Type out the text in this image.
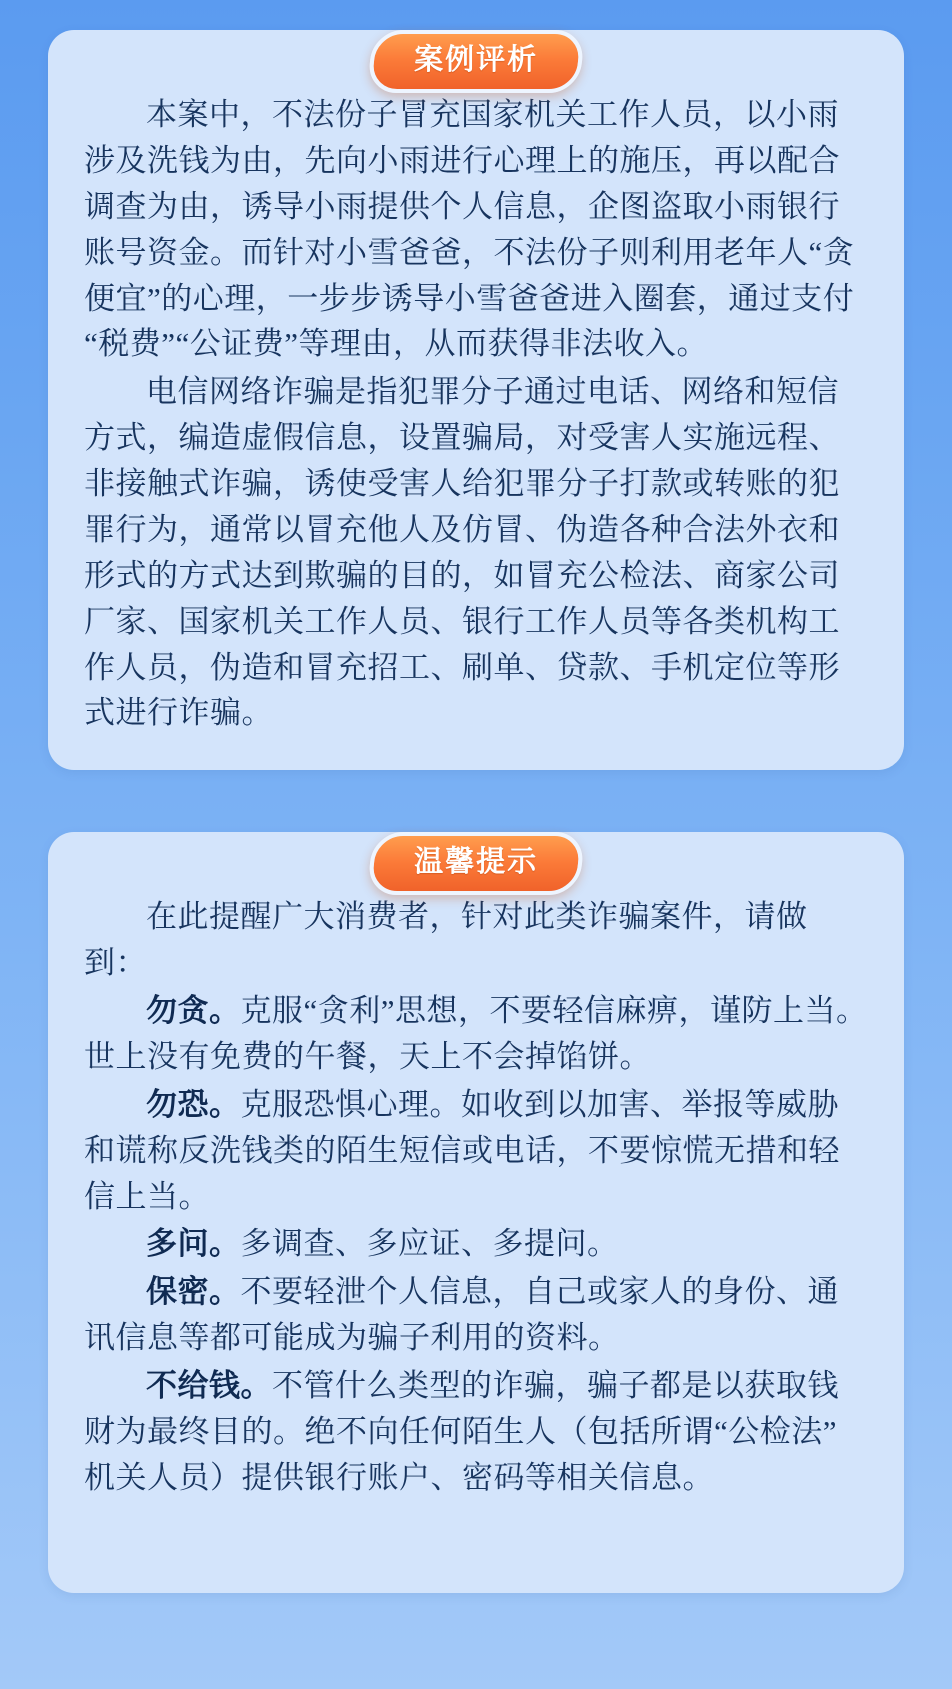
案例评析

本案中，不法份子冒充国家机关工作人员，以小雨涉及洗钱为由，先向小雨进行心理上的施压，再以配合调查为由，诱导小雨提供个人信息，企图盗取小雨银行账号资金。而针对小雪爸爸，不法份子则利用老年人“贪便宜”的心理，一步步诱导小雪爸爸进入圈套，通过支付“税费”“公证费”等理由，从而获得非法收入。

电信网络诈骗是指犯罪分子通过电话、网络和短信方式，编造虚假信息，设置骗局，对受害人实施远程、非接触式诈骗，诱使受害人给犯罪分子打款或转账的犯罪行为，通常以冒充他人及仿冒、伪造各种合法外衣和形式的方式达到欺骗的目的，如冒充公检法、商家公司厂家、国家机关工作人员、银行工作人员等各类机构工作人员，伪造和冒充招工、刷单、贷款、手机定位等形式进行诈骗。

温馨提示

在此提醒广大消费者，针对此类诈骗案件，请做到：

勿贪。克服“贪利”思想，不要轻信麻痹，谨防上当。世上没有免费的午餐，天上不会掉馅饼。

勿恐。克服恐惧心理。如收到以加害、举报等威胁和谎称反洗钱类的陌生短信或电话，不要惊慌无措和轻信上当。

多问。多调查、多应证、多提问。

保密。不要轻泄个人信息，自己或家人的身份、通讯信息等都可能成为骗子利用的资料。

不给钱。不管什么类型的诈骗，骗子都是以获取钱财为最终目的。绝不向任何陌生人（包括所谓“公检法”机关人员）提供银行账户、密码等相关信息。
